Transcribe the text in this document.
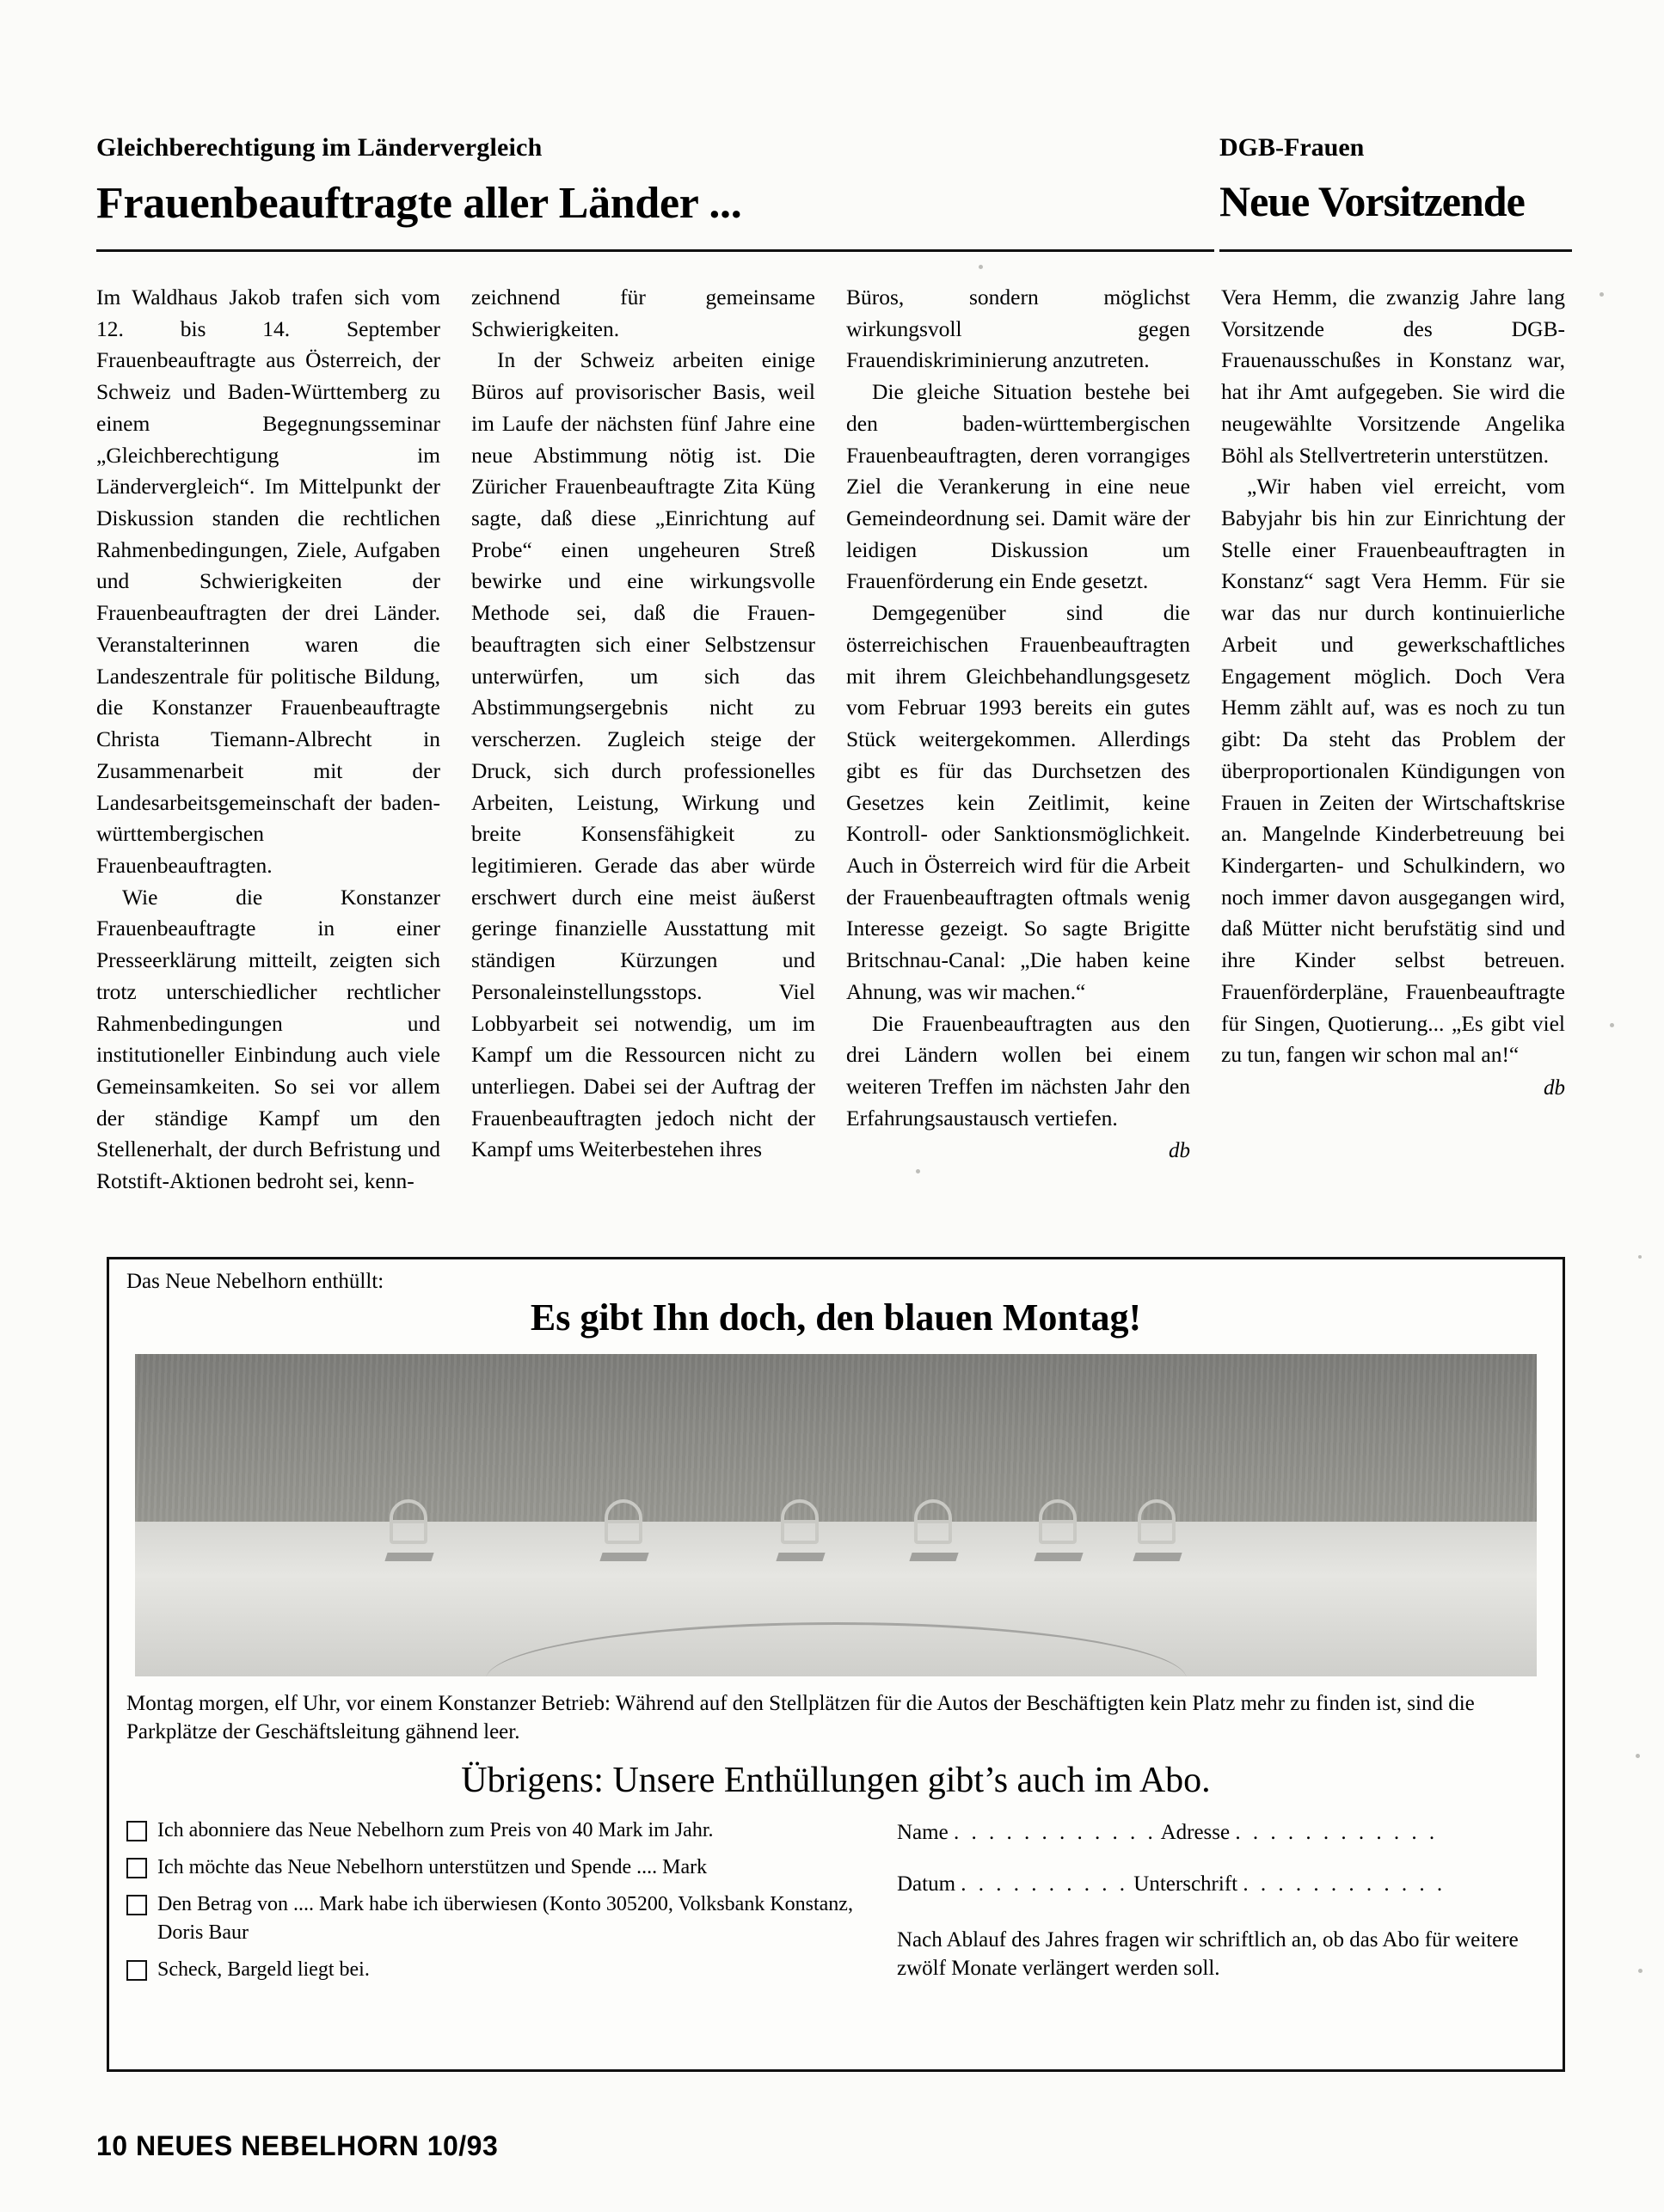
Gleichberechtigung im Ländervergleich
Frauenbeauftragte aller Länder ...
DGB-Frauen
Neue Vorsitzende

Im Waldhaus Jakob trafen sich vom 12. bis 14. September Frauenbeauftragte aus Österreich, der Schweiz und Baden-Württemberg zu einem Begegnungsseminar „Gleichberechtigung im Ländervergleich“. Im Mittelpunkt der Diskussion standen die rechtlichen Rahmenbedingungen, Ziele, Aufgaben und Schwierigkeiten der Frauenbeauftragten der drei Länder. Veranstalterinnen waren die Landeszentrale für politische Bildung, die Konstanzer Frauenbeauftragte Christa Tiemann-Albrecht in Zusammenarbeit mit der Landesarbeitsgemeinschaft der baden-württembergischen Frauenbeauftragten.

Wie die Konstanzer Frauenbeauftragte in einer Presseerklärung mitteilt, zeigten sich trotz unterschiedlicher rechtlicher Rahmenbedingungen und institutioneller Einbindung auch viele Gemeinsamkeiten. So sei vor allem der ständige Kampf um den Stellenerhalt, der durch Befristung und Rotstift-Aktionen bedroht sei, kenn-

zeichnend für gemeinsame Schwierigkeiten.

In der Schweiz arbeiten einige Büros auf provisorischer Basis, weil im Laufe der nächsten fünf Jahre eine neue Abstimmung nötig ist. Die Züricher Frauenbeauftragte Zita Küng sagte, daß diese „Einrichtung auf Probe“ einen ungeheuren Streß bewirke und eine wirkungsvolle Methode sei, daß die Frauen- beauftragten sich einer Selbstzensur unterwürfen, um sich das Abstimmungsergebnis nicht zu verscherzen. Zugleich steige der Druck, sich durch professionelles Arbeiten, Leistung, Wirkung und breite Konsensfähigkeit zu legitimieren. Gerade das aber würde erschwert durch eine meist äußerst geringe finanzielle Ausstattung mit ständigen Kürzungen und Personaleinstellungsstops. Viel Lobbyarbeit sei notwendig, um im Kampf um die Ressourcen nicht zu unterliegen. Dabei sei der Auftrag der Frauenbeauftragten jedoch nicht der Kampf ums Weiterbestehen ihres

Büros, sondern möglichst wirkungsvoll gegen Frauendiskriminierung anzutreten.

Die gleiche Situation bestehe bei den baden-württembergischen Frauenbeauftragten, deren vorrangiges Ziel die Verankerung in eine neue Gemeindeordnung sei. Damit wäre der leidigen Diskussion um Frauenförderung ein Ende gesetzt.

Demgegenüber sind die österreichischen Frauenbeauftragten mit ihrem Gleichbehandlungsgesetz vom Februar 1993 bereits ein gutes Stück weitergekommen. Allerdings gibt es für das Durchsetzen des Gesetzes kein Zeitlimit, keine Kontroll- oder Sanktionsmöglichkeit. Auch in Österreich wird für die Arbeit der Frauenbeauftragten oftmals wenig Interesse gezeigt. So sagte Brigitte Britschnau-Canal: „Die haben keine Ahnung, was wir machen.“

Die Frauenbeauftragten aus den drei Ländern wollen bei einem weiteren Treffen im nächsten Jahr den Erfahrungsaustausch vertiefen.

db

Vera Hemm, die zwanzig Jahre lang Vorsitzende des DGB-Frauenausschußes in Konstanz war, hat ihr Amt aufgegeben. Sie wird die neugewählte Vorsitzende Angelika Böhl als Stellvertreterin unterstützen.

„Wir haben viel erreicht, vom Babyjahr bis hin zur Einrichtung der Stelle einer Frauenbeauftragten in Konstanz“ sagt Vera Hemm. Für sie war das nur durch kontinuierliche Arbeit und gewerkschaftliches Engagement möglich. Doch Vera Hemm zählt auf, was es noch zu tun gibt: Da steht das Problem der überproportionalen Kündigungen von Frauen in Zeiten der Wirtschaftskrise an. Mangelnde Kinderbetreuung bei Kindergarten- und Schulkindern, wo noch immer davon ausgegangen wird, daß Mütter nicht berufstätig sind und ihre Kinder selbst betreuen. Frauenförderpläne, Frauenbeauftragte für Singen, Quotierung... „Es gibt viel zu tun, fangen wir schon mal an!“

db
Das Neue Nebelhorn enthüllt:
Es gibt Ihn doch, den blauen Montag!
Montag morgen, elf Uhr, vor einem Konstanzer Betrieb: Während auf den Stellplätzen für die Autos der Beschäftigten kein Platz mehr zu finden ist, sind die Parkplätze der Geschäftsleitung gähnend leer.
Übrigens: Unsere Enthüllungen gibt’s auch im Abo.
Ich abonniere das Neue Nebelhorn zum Preis von 40 Mark im Jahr.
Ich möchte das Neue Nebelhorn unterstützen und Spende .... Mark
Den Betrag von .... Mark habe ich überwiesen (Konto 305200, Volksbank Konstanz, Doris Baur
Scheck, Bargeld liegt bei.
Name . . . . . . . . . . . . Adresse . . . . . . . . . . . .
Datum . . . . . . . . . . Unterschrift . . . . . . . . . . . .
Nach Ablauf des Jahres fragen wir schriftlich an, ob das Abo für weitere zwölf Monate verlängert werden soll.
10 NEUES NEBELHORN 10/93
